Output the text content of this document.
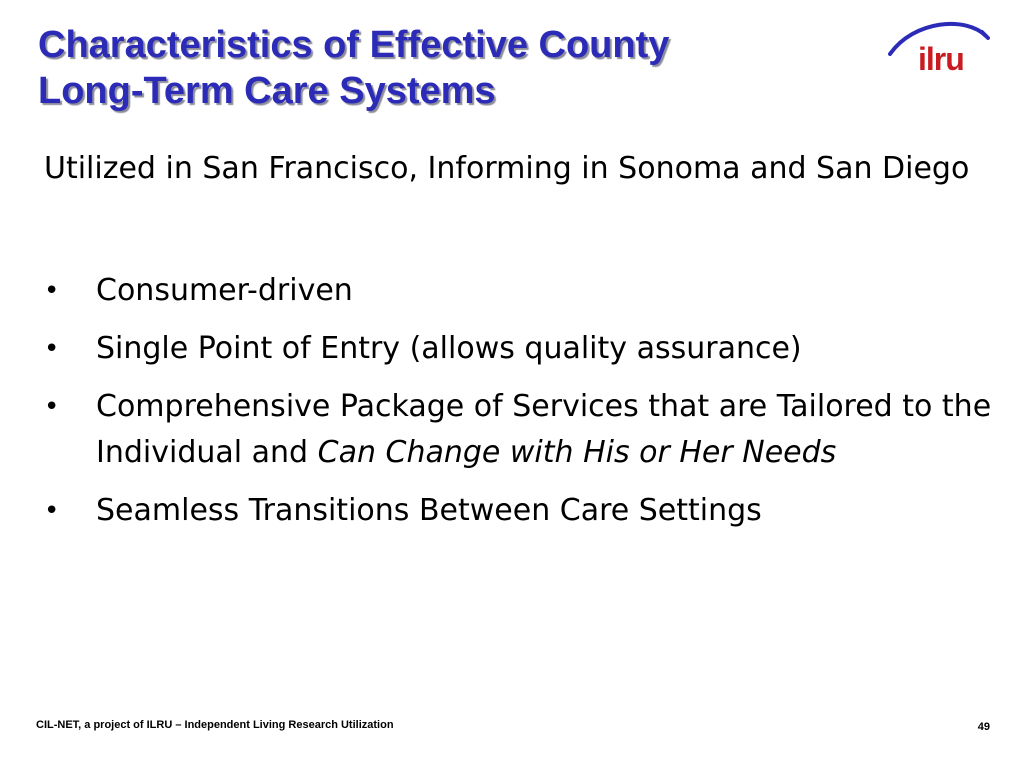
Characteristics of Effective County
Long-Term Care Systems
ilru
Utilized in San Francisco, Informing in Sonoma and San Diego
•	Consumer-driven
•	Single Point of Entry (allows quality assurance)
•	Comprehensive Package of Services that are Tailored to the Individual and Can Change with His or Her Needs
•	Seamless Transitions Between Care Settings
CIL-NET, a project of ILRU – Independent Living Research Utilization	49
